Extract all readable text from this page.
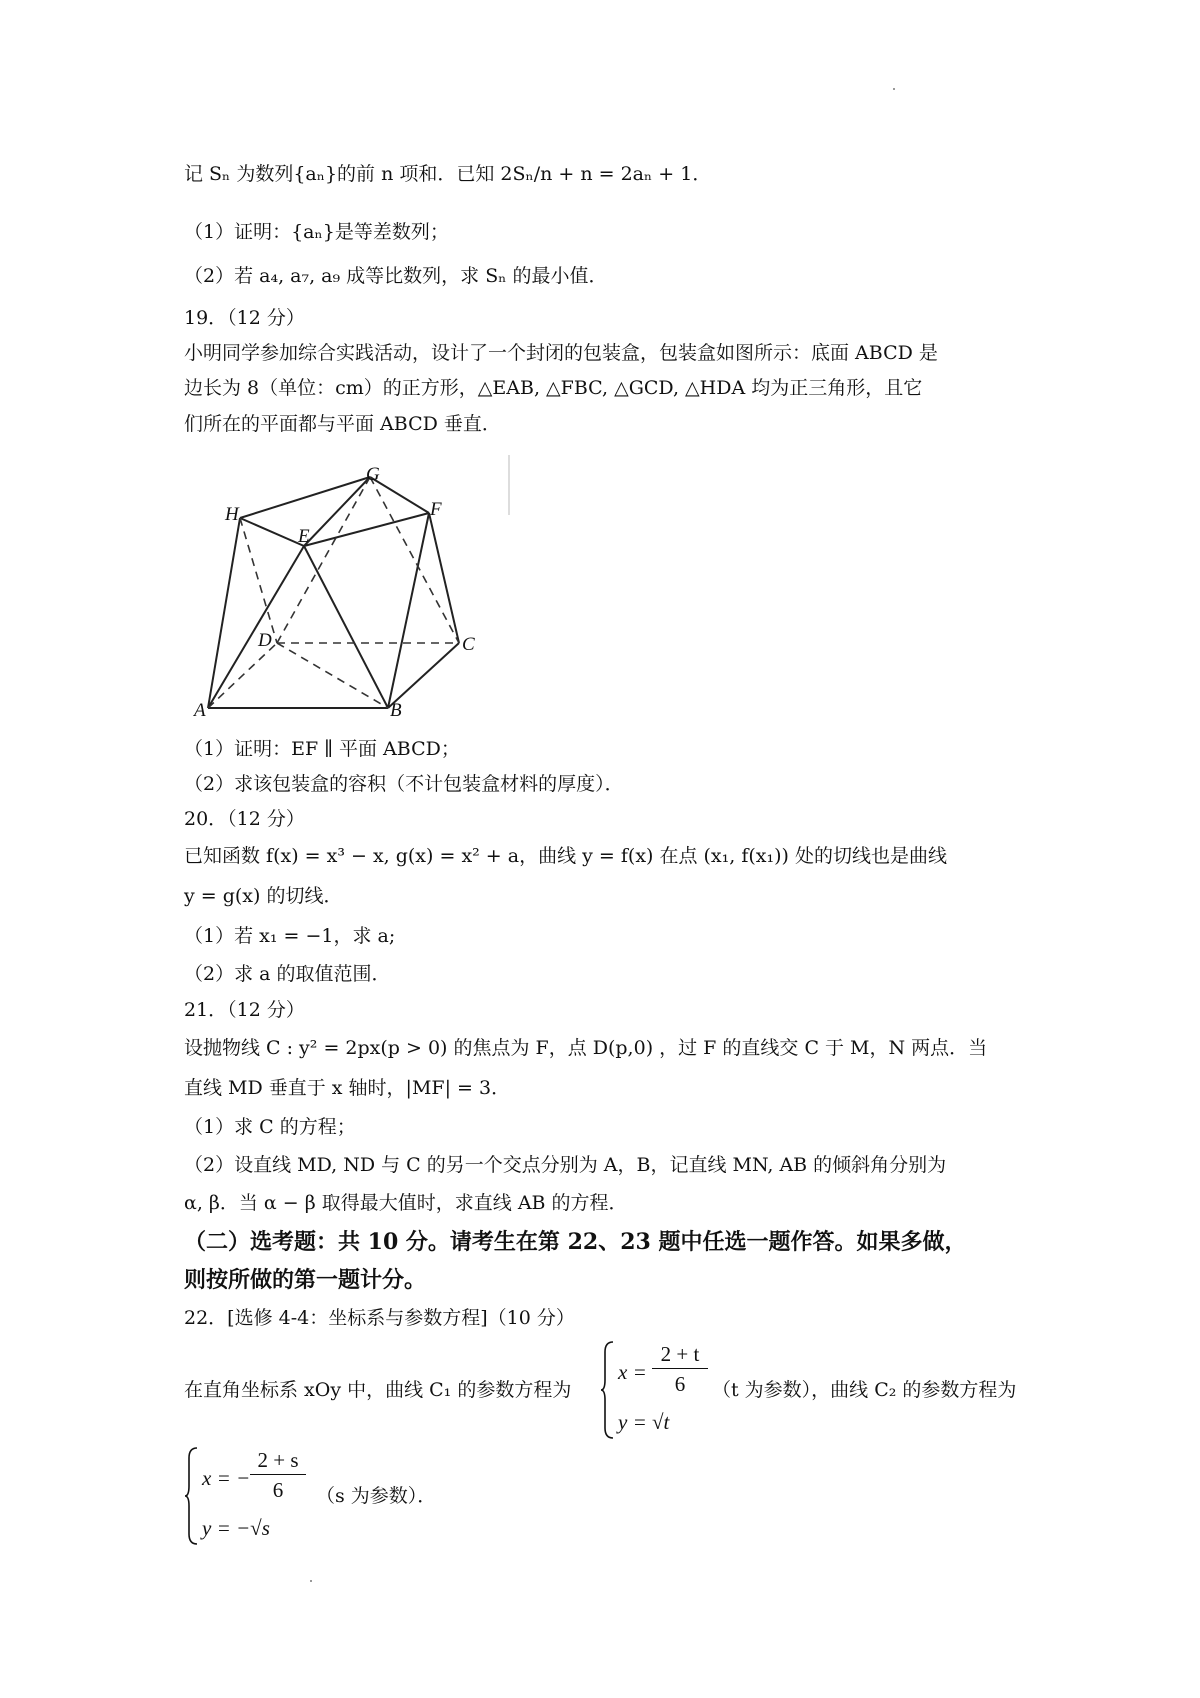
记 Sₙ 为数列{aₙ}的前 n 项和．已知 2Sₙ/n + n = 2aₙ + 1．
（1）证明：{aₙ}是等差数列；
（2）若 a₄, a₇, a₉ 成等比数列，求 Sₙ 的最小值．
19．（12 分）
小明同学参加综合实践活动，设计了一个封闭的包装盒，包装盒如图所示：底面 ABCD 是
边长为 8（单位：cm）的正方形，△EAB, △FBC, △GCD, △HDA 均为正三角形，且它
们所在的平面都与平面 ABCD 垂直．
G
H	F
E
D	C
A	B
（1）证明：EF ∥ 平面 ABCD；
（2）求该包装盒的容积（不计包装盒材料的厚度）．
20．（12 分）
已知函数 f(x) = x³ − x, g(x) = x² + a，曲线 y = f(x) 在点 (x₁, f(x₁)) 处的切线也是曲线
y = g(x) 的切线．
（1）若 x₁ = −1，求 a;
（2）求 a 的取值范围．
21．（12 分）
设抛物线 C : y² = 2px(p > 0) 的焦点为 F，点 D(p,0) ，过 F 的直线交 C 于 M，N 两点．当
直线 MD 垂直于 x 轴时，|MF| = 3．
（1）求 C 的方程；
（2）设直线 MD, ND 与 C 的另一个交点分别为 A，B，记直线 MN, AB 的倾斜角分别为
α, β．当 α − β 取得最大值时，求直线 AB 的方程．
（二）选考题：共 10 分。请考生在第 22、23 题中任选一题作答。如果多做，
则按所做的第一题计分。
22．[选修 4-4：坐标系与参数方程]（10 分）
在直角坐标系 xOy 中，曲线 C₁ 的参数方程为
$x = \frac{2 + t}{6}$
y = √t
（t 为参数），曲线 C₂ 的参数方程为
x = − $\frac{2 + s}{6}$
y = −√s
（s 为参数）．
